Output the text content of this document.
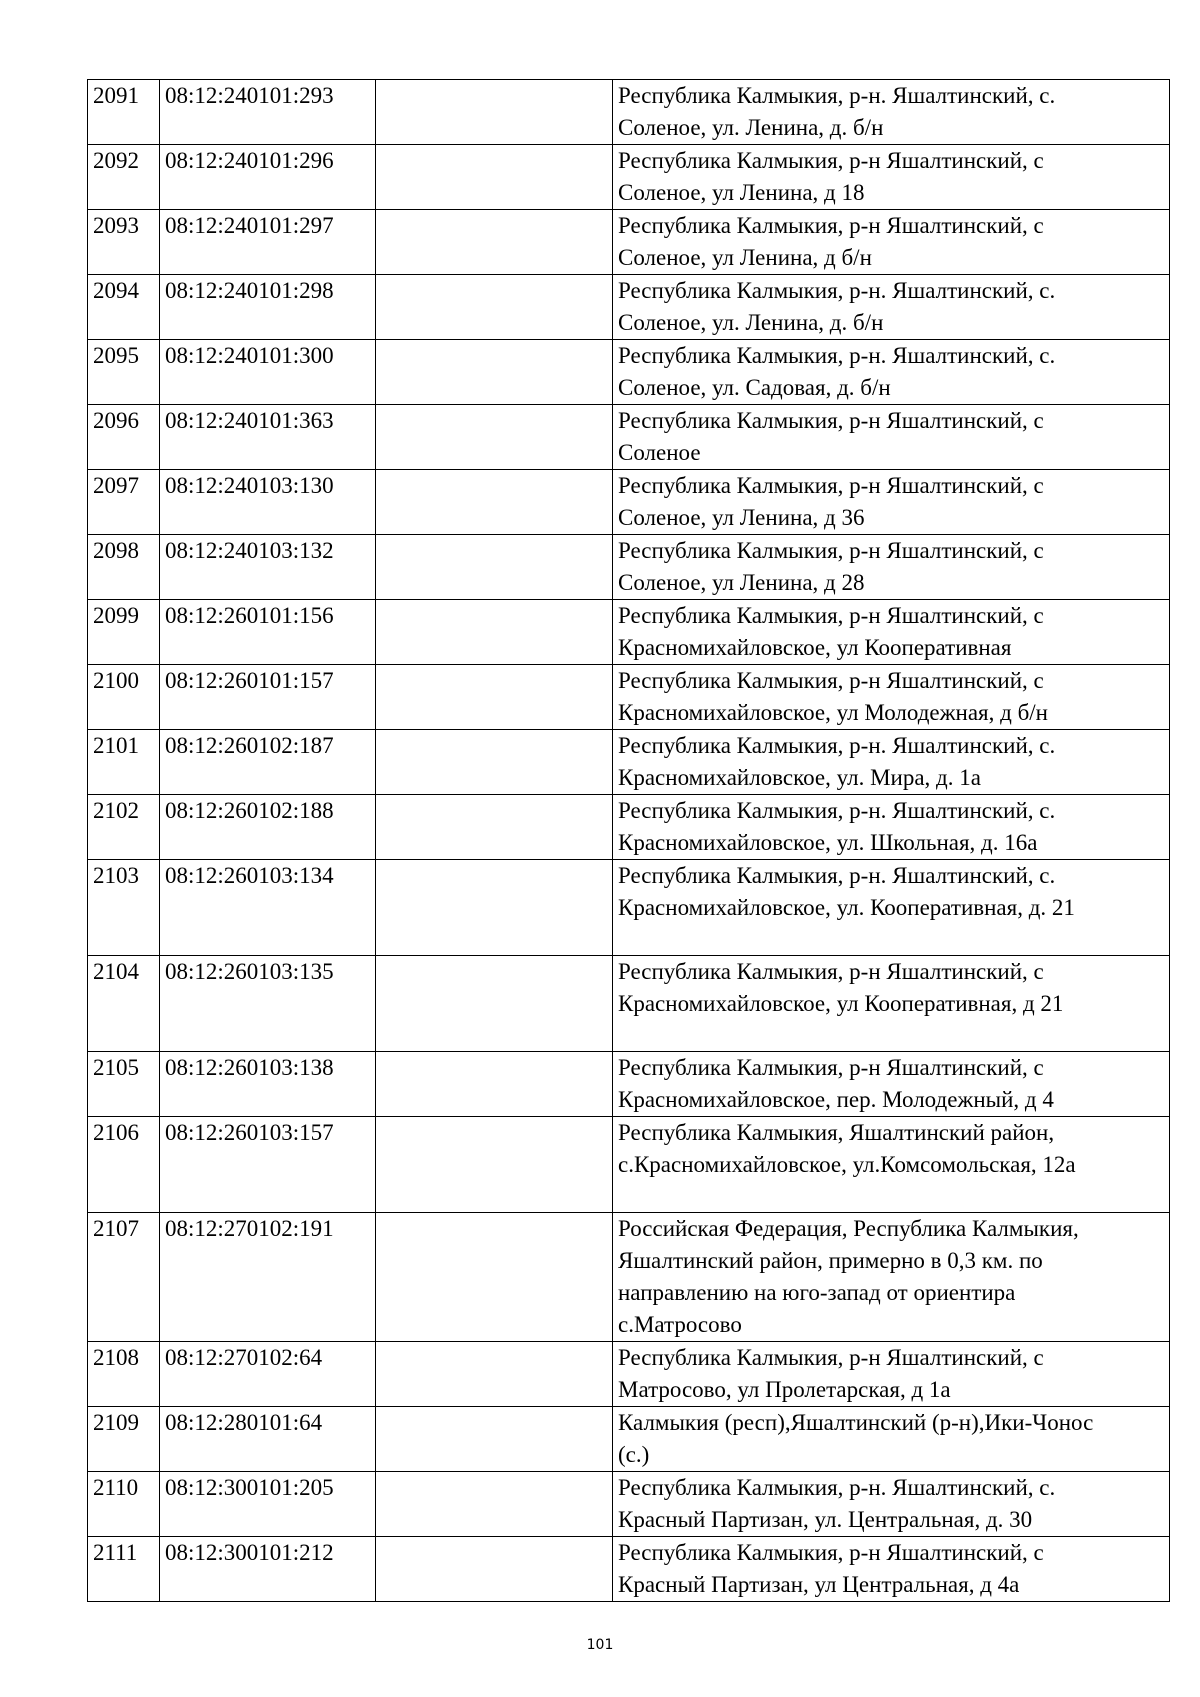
2091	08:12:240101:293		Республика Калмыкия, р-н. Яшалтинский, с.
Соленое, ул. Ленина, д. б/н

2092	08:12:240101:296		Республика Калмыкия, р-н Яшалтинский, с
Соленое, ул Ленина, д 18

2093	08:12:240101:297		Республика Калмыкия, р-н Яшалтинский, с
Соленое, ул Ленина, д б/н

2094	08:12:240101:298		Республика Калмыкия, р-н. Яшалтинский, с.
Соленое, ул. Ленина, д. б/н

2095	08:12:240101:300		Республика Калмыкия, р-н. Яшалтинский, с.
Соленое, ул. Садовая, д. б/н

2096	08:12:240101:363		Республика Калмыкия, р-н Яшалтинский, с
Соленое

2097	08:12:240103:130		Республика Калмыкия, р-н Яшалтинский, с
Соленое, ул Ленина, д 36

2098	08:12:240103:132		Республика Калмыкия, р-н Яшалтинский, с
Соленое, ул Ленина, д 28

2099	08:12:260101:156		Республика Калмыкия, р-н Яшалтинский, с
Красномихайловское, ул Кооперативная

2100	08:12:260101:157		Республика Калмыкия, р-н Яшалтинский, с
Красномихайловское, ул Молодежная, д б/н

2101	08:12:260102:187		Республика Калмыкия, р-н. Яшалтинский, с.
Красномихайловское, ул. Мира, д. 1а

2102	08:12:260102:188		Республика Калмыкия, р-н. Яшалтинский, с.
Красномихайловское, ул. Школьная, д. 16а

2103	08:12:260103:134		Республика Калмыкия, р-н. Яшалтинский, с.
Красномихайловское, ул. Кооперативная, д. 21

2104	08:12:260103:135		Республика Калмыкия, р-н Яшалтинский, с
Красномихайловское, ул Кооперативная, д 21

2105	08:12:260103:138		Республика Калмыкия, р-н Яшалтинский, с
Красномихайловское, пер. Молодежный, д 4

2106	08:12:260103:157		Республика Калмыкия, Яшалтинский район,
с.Красномихайловское, ул.Комсомольская, 12а

2107	08:12:270102:191		Российская Федерация, Республика Калмыкия,
Яшалтинский район, примерно в 0,3 км. по
направлению на юго-запад от ориентира
с.Матросово

2108	08:12:270102:64		Республика Калмыкия, р-н Яшалтинский, с
Матросово, ул Пролетарская, д 1а

2109	08:12:280101:64		Калмыкия (респ),Яшалтинский (р-н),Ики-Чонос
(с.)

2110	08:12:300101:205		Республика Калмыкия, р-н. Яшалтинский, с.
Красный Партизан, ул. Центральная, д. 30

2111	08:12:300101:212		Республика Калмыкия, р-н Яшалтинский, с
Красный Партизан, ул Центральная, д 4а
101
